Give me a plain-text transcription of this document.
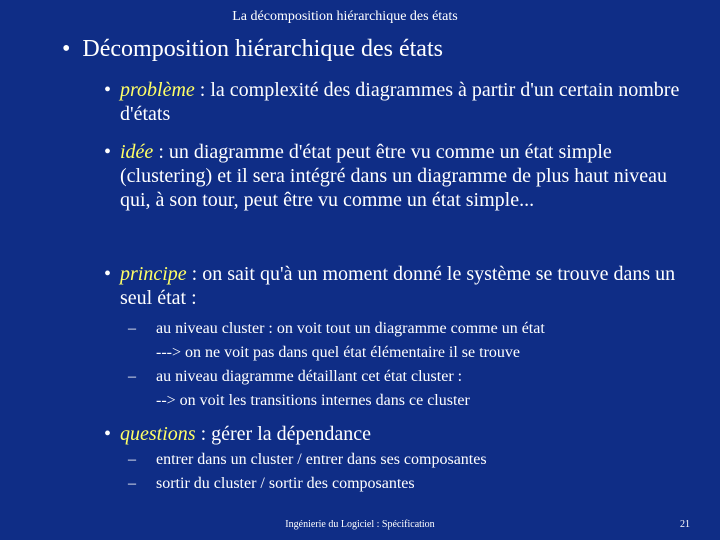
La décomposition hiérarchique des états
•  Décomposition hiérarchique des états
• problème : la complexité des diagrammes à partir d'un certain nombre d'états
• idée : un diagramme d'état peut être vu comme un état simple (clustering) et il sera intégré dans un diagramme de plus haut niveau qui, à son tour, peut être vu comme un état simple...
• principe : on sait qu'à un moment donné le système se trouve dans un seul état :
–	au niveau cluster : on voit tout un diagramme comme un état
---> on ne voit pas dans quel état élémentaire il se trouve
–	au niveau diagramme détaillant cet état cluster :
--> on voit les transitions internes dans ce cluster
• questions : gérer la dépendance
–	entrer dans un cluster / entrer dans ses composantes
–	sortir du cluster / sortir des composantes
Ingénierie du Logiciel : Spécification	21
